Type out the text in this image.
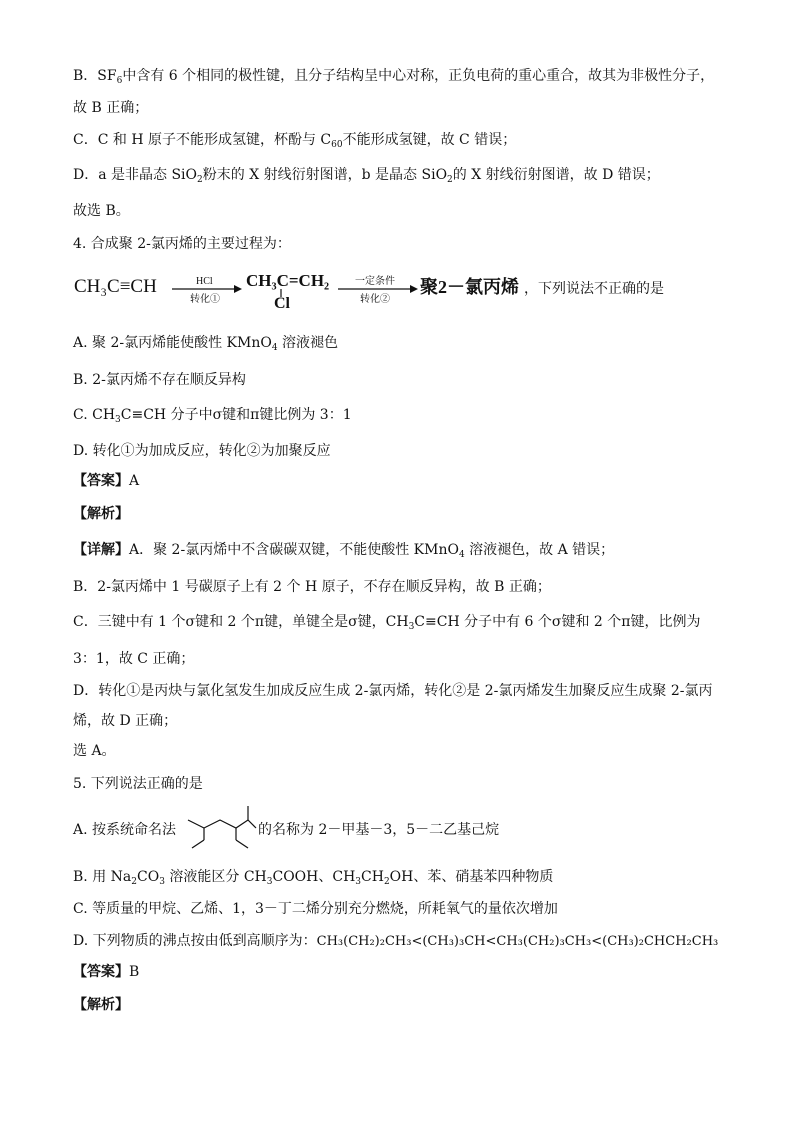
B．$SF_6$中含有 6 个相同的极性键，且分子结构呈中心对称，正负电荷的重心重合，故其为非极性分子，
故 B 正确；
C．C 和 H 原子不能形成氢键，杯酚与 $C_{60}$不能形成氢键，故 C 错误；
D．a 是非晶态 SiO$_2$粉末的 X 射线衍射图谱，b 是晶态 SiO$_2$的 X 射线衍射图谱，故 D 错误；
故选 B。
4. 合成聚 2-氯丙烯的主要过程为：
CH₃C≡CH	HCl
转化①
CH₃C=CH₂
Cl
一定条件
转化②
聚2－氯丙烯 ，下列说法不正确的是
A. 聚 2-氯丙烯能使酸性 KMnO$_4$ 溶液褪色
B. 2-氯丙烯不存在顺反异构
C. $CH_3C\equiv CH$ 分子中σ键和π键比例为 3：1
D. 转化①为加成反应，转化②为加聚反应
【答案】A
【解析】
【详解】A．聚 2-氯丙烯中不含碳碳双键，不能使酸性 KMnO$_4$ 溶液褪色，故 A 错误；
B．2-氯丙烯中 1 号碳原子上有 2 个 H 原子，不存在顺反异构，故 B 正确；
C．三键中有 1 个σ键和 2 个π键，单键全是σ键，$CH_3C\equiv CH$ 分子中有 6 个σ键和 2 个π键，比例为
3：1，故 C 正确；
D．转化①是丙炔与氯化氢发生加成反应生成 2-氯丙烯，转化②是 2-氯丙烯发生加聚反应生成聚 2-氯丙
烯，故 D 正确；
选 A。
5. 下列说法正确的是
A. 按系统命名法	的名称为 2－甲基－3，5－二乙基己烷
B. 用 $Na_2CO_3$ 溶液能区分 $CH_3COOH$、$CH_3CH_2OH$、苯、硝基苯四种物质
C. 等质量的甲烷、乙烯、1，3－丁二烯分别充分燃烧，所耗氧气的量依次增加
D. 下列物质的沸点按由低到高顺序为：CH₃(CH₂)₂CH₃<(CH₃)₃CH<CH₃(CH₂)₃CH₃<(CH₃)₂CHCH₂CH₃
【答案】B
【解析】
